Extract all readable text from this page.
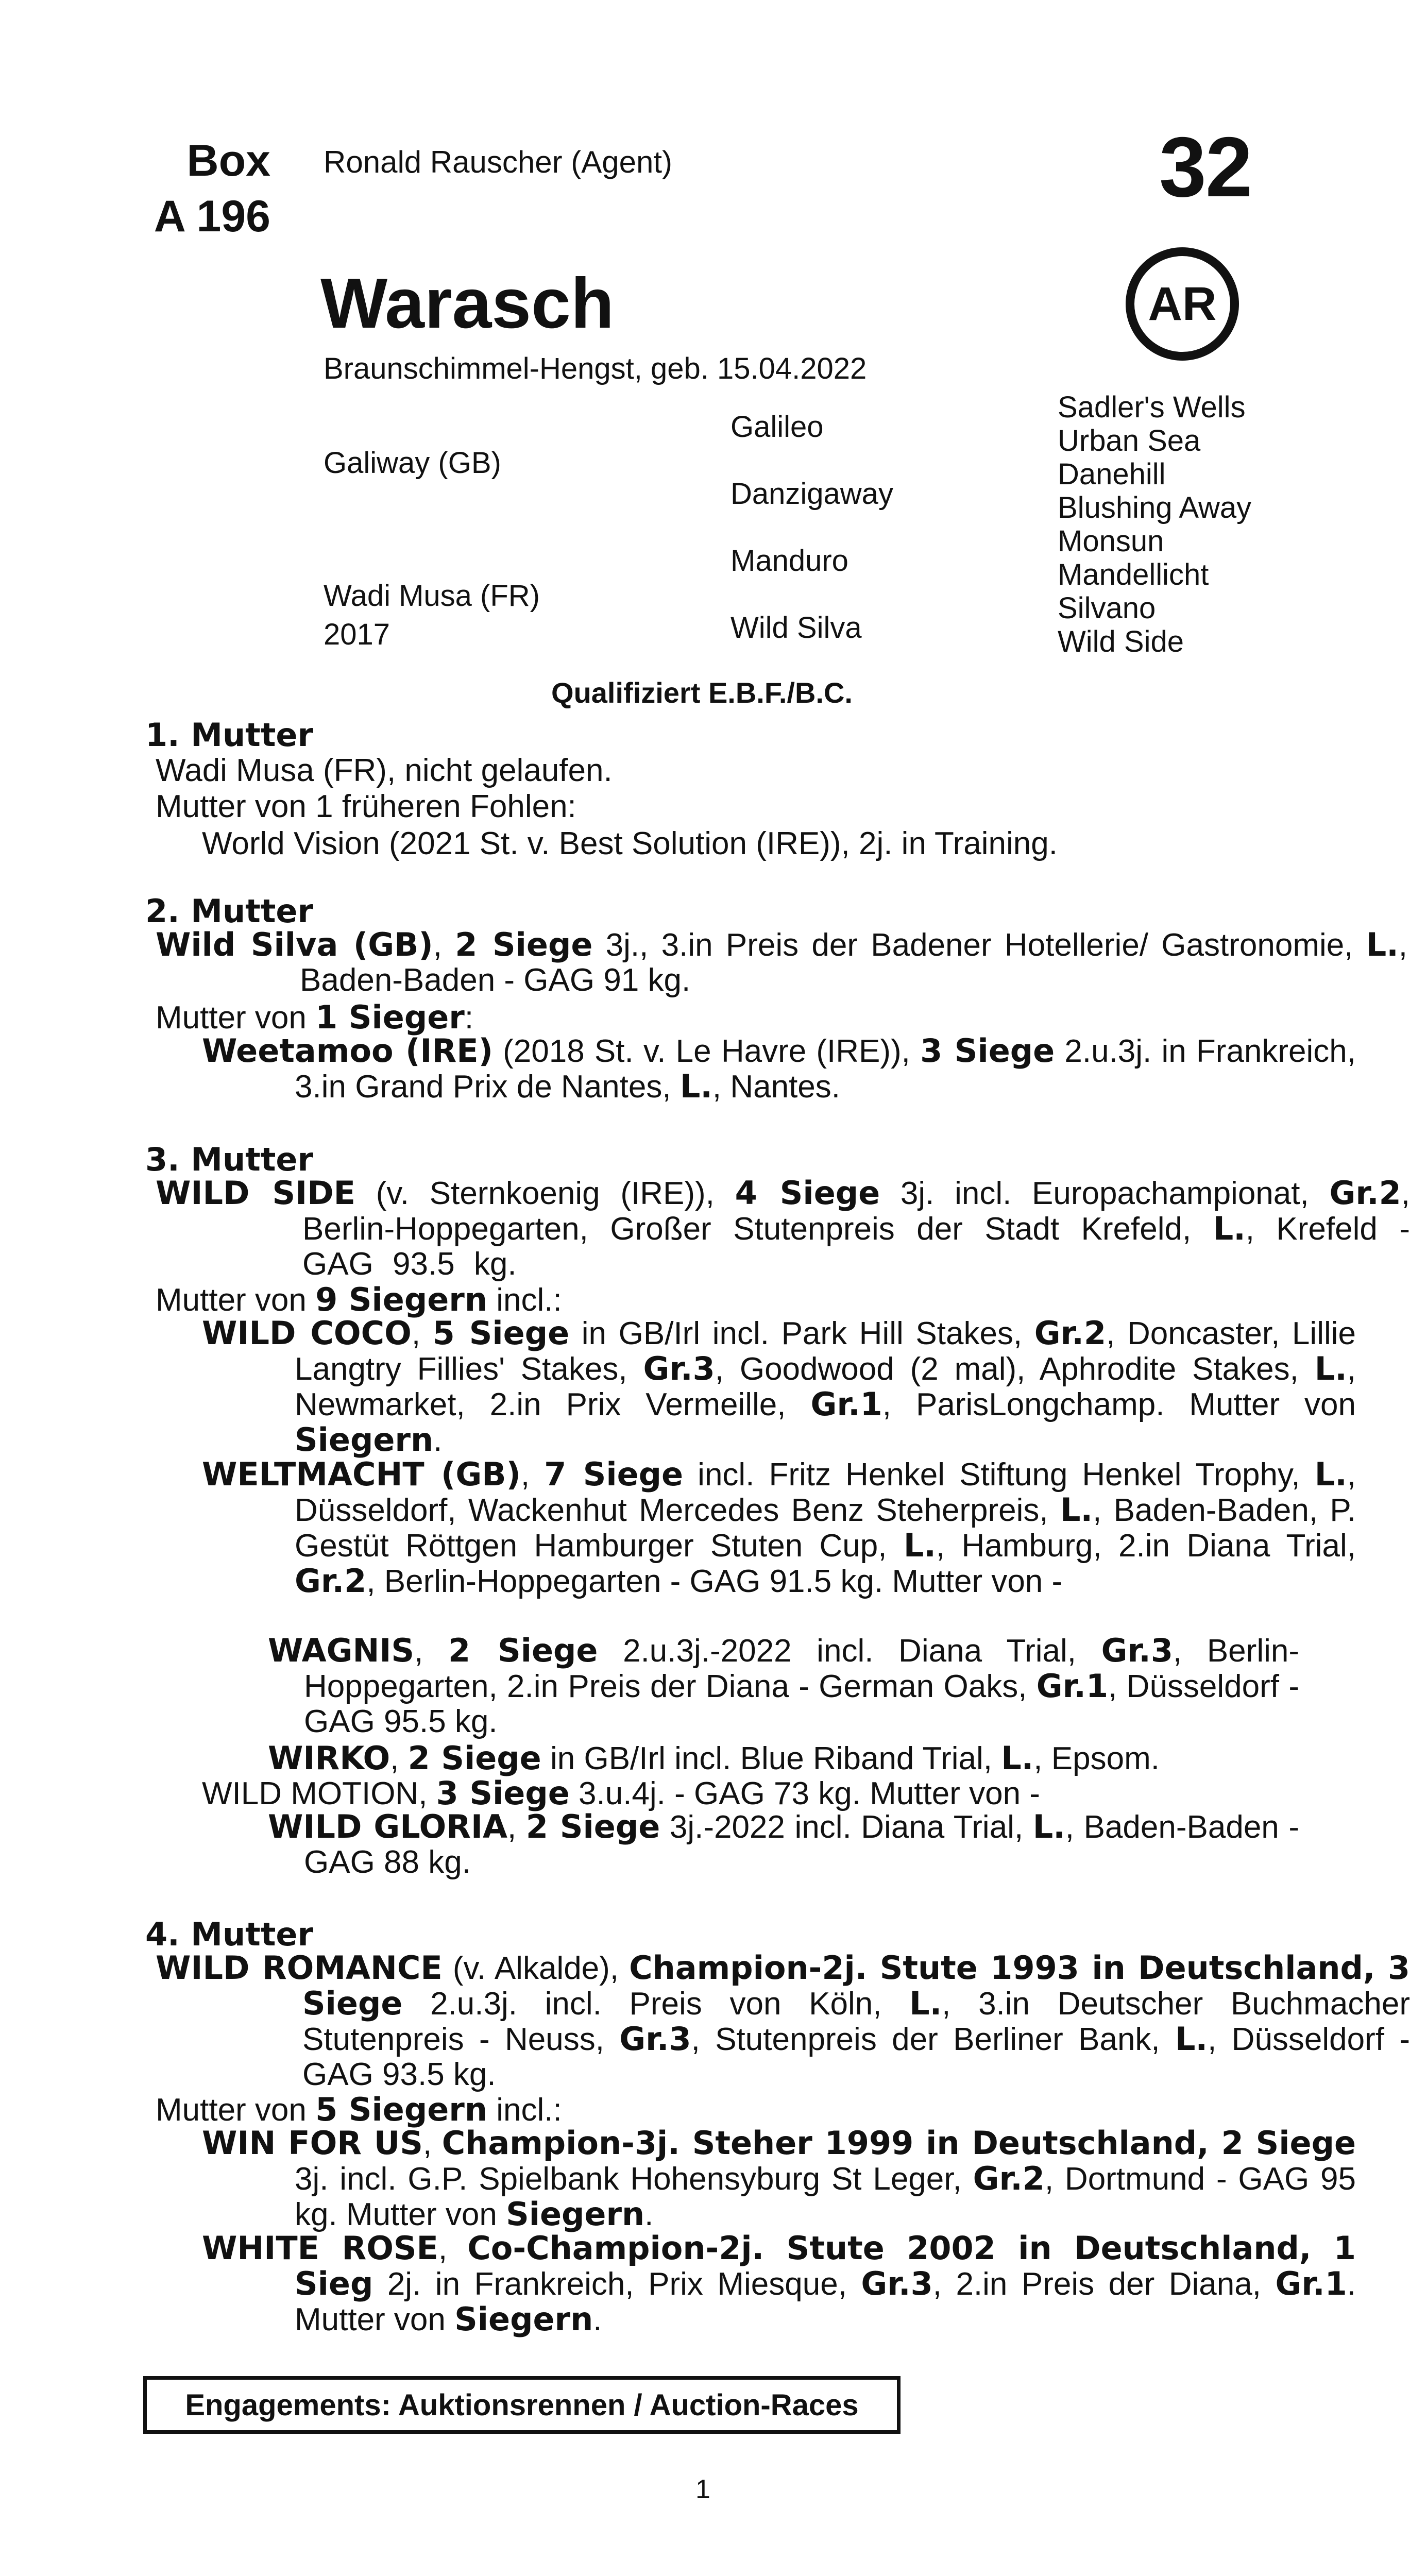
Box
A 196
Ronald Rauscher (Agent)	32
AR
Warasch
Braunschimmel-Hengst, geb. 15.04.2022
Galiway (GB)
Wadi Musa (FR)
2017
Galileo
Danzigaway
Manduro
Wild Silva
Sadler's Wells
Urban Sea
Danehill
Blushing Away
Monsun
Mandellicht
Silvano
Wild Side
Qualifiziert E.B.F./B.C.
1. Mutter
Wadi Musa (FR), nicht gelaufen.
Mutter von 1 früheren Fohlen:
World Vision (2021 St. v. Best Solution (IRE)), 2j. in Training.
2. Mutter
Wild Silva (GB), 2 Siege 3j., 3.in Preis der Badener Hotellerie/ Gastronomie, L., Baden-Baden - GAG 91 kg.
Mutter von 1 Sieger:
Weetamoo (IRE) (2018 St. v. Le Havre (IRE)), 3 Siege 2.u.3j. in Frankreich, 3.in Grand Prix de Nantes, L., Nantes.
3. Mutter
WILD SIDE (v. Sternkoenig (IRE)), 4 Siege 3j. incl. Europachampionat, Gr.2, Berlin-Hoppegarten, Großer Stutenpreis der Stadt Krefeld, L., Krefeld - GAG 93.5 kg.
Mutter von 9 Siegern incl.:
WILD COCO, 5 Siege in GB/Irl incl. Park Hill Stakes, Gr.2, Doncaster, Lillie Langtry Fillies' Stakes, Gr.3, Goodwood (2 mal), Aphrodite Stakes, L., Newmarket, 2.in Prix Vermeille, Gr.1, ParisLongchamp. Mutter von Siegern.
WELTMACHT (GB), 7 Siege incl. Fritz Henkel Stiftung Henkel Trophy, L., Düsseldorf, Wackenhut Mercedes Benz Steherpreis, L., Baden-Baden, P. Gestüt Röttgen Hamburger Stuten Cup, L., Hamburg, 2.in Diana Trial, Gr.2, Berlin-Hoppegarten - GAG 91.5 kg. Mutter von -
WAGNIS, 2 Siege 2.u.3j.-2022 incl. Diana Trial, Gr.3, Berlin-Hoppegarten, 2.in Preis der Diana - German Oaks, Gr.1, Düsseldorf - GAG 95.5 kg.
WIRKO, 2 Siege in GB/Irl incl. Blue Riband Trial, L., Epsom.
WILD MOTION, 3 Siege 3.u.4j. - GAG 73 kg. Mutter von -
WILD GLORIA, 2 Siege 3j.-2022 incl. Diana Trial, L., Baden-Baden - GAG 88 kg.
4. Mutter
WILD ROMANCE (v. Alkalde), Champion-2j. Stute 1993 in Deutschland, 3 Siege 2.u.3j. incl. Preis von Köln, L., 3.in Deutscher Buchmacher Stutenpreis - Neuss, Gr.3, Stutenpreis der Berliner Bank, L., Düsseldorf - GAG 93.5 kg.
Mutter von 5 Siegern incl.:
WIN FOR US, Champion-3j. Steher 1999 in Deutschland, 2 Siege 3j. incl. G.P. Spielbank Hohensyburg St Leger, Gr.2, Dortmund - GAG 95 kg. Mutter von Siegern.
WHITE ROSE, Co-Champion-2j. Stute 2002 in Deutschland, 1 Sieg 2j. in Frankreich, Prix Miesque, Gr.3, 2.in Preis der Diana, Gr.1. Mutter von Siegern.
Engagements: Auktionsrennen / Auction-Races
1
